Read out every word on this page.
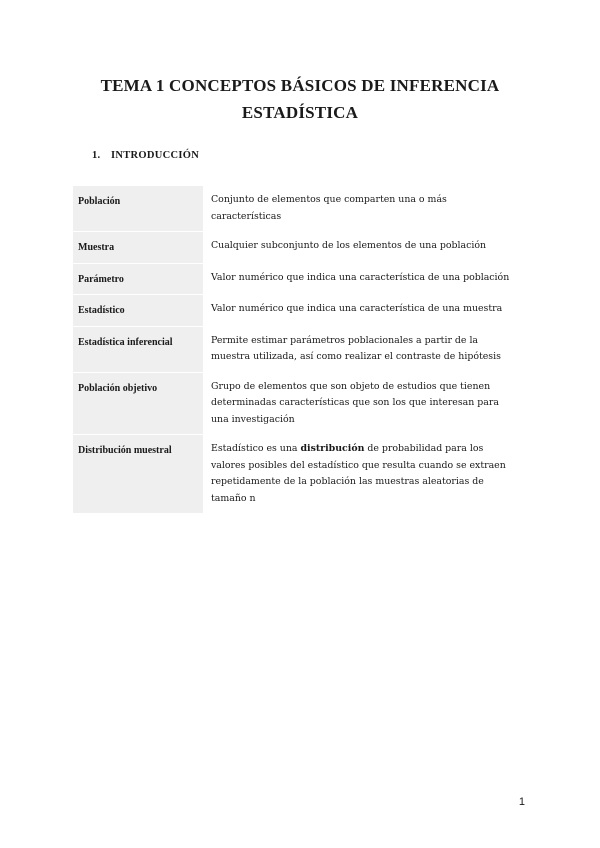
TEMA 1 CONCEPTOS BÁSICOS DE INFERENCIA ESTADÍSTICA
1. INTRODUCCIÓN
Población	Conjunto de elementos que comparten una o más características
Muestra	Cualquier subconjunto de los elementos de una población
Parámetro	Valor numérico que indica una característica de una población
Estadístico	Valor numérico que indica una característica de una muestra
Estadística inferencial	Permite estimar parámetros poblacionales a partir de la muestra utilizada, así como realizar el contraste de hipótesis
Población objetivo	Grupo de elementos que son objeto de estudios que tienen determinadas características que son los que interesan para una investigación
Distribución muestral	Estadístico es una distribución de probabilidad para los valores posibles del estadístico que resulta cuando se extraen repetidamente de la población las muestras aleatorias de tamaño n
1
